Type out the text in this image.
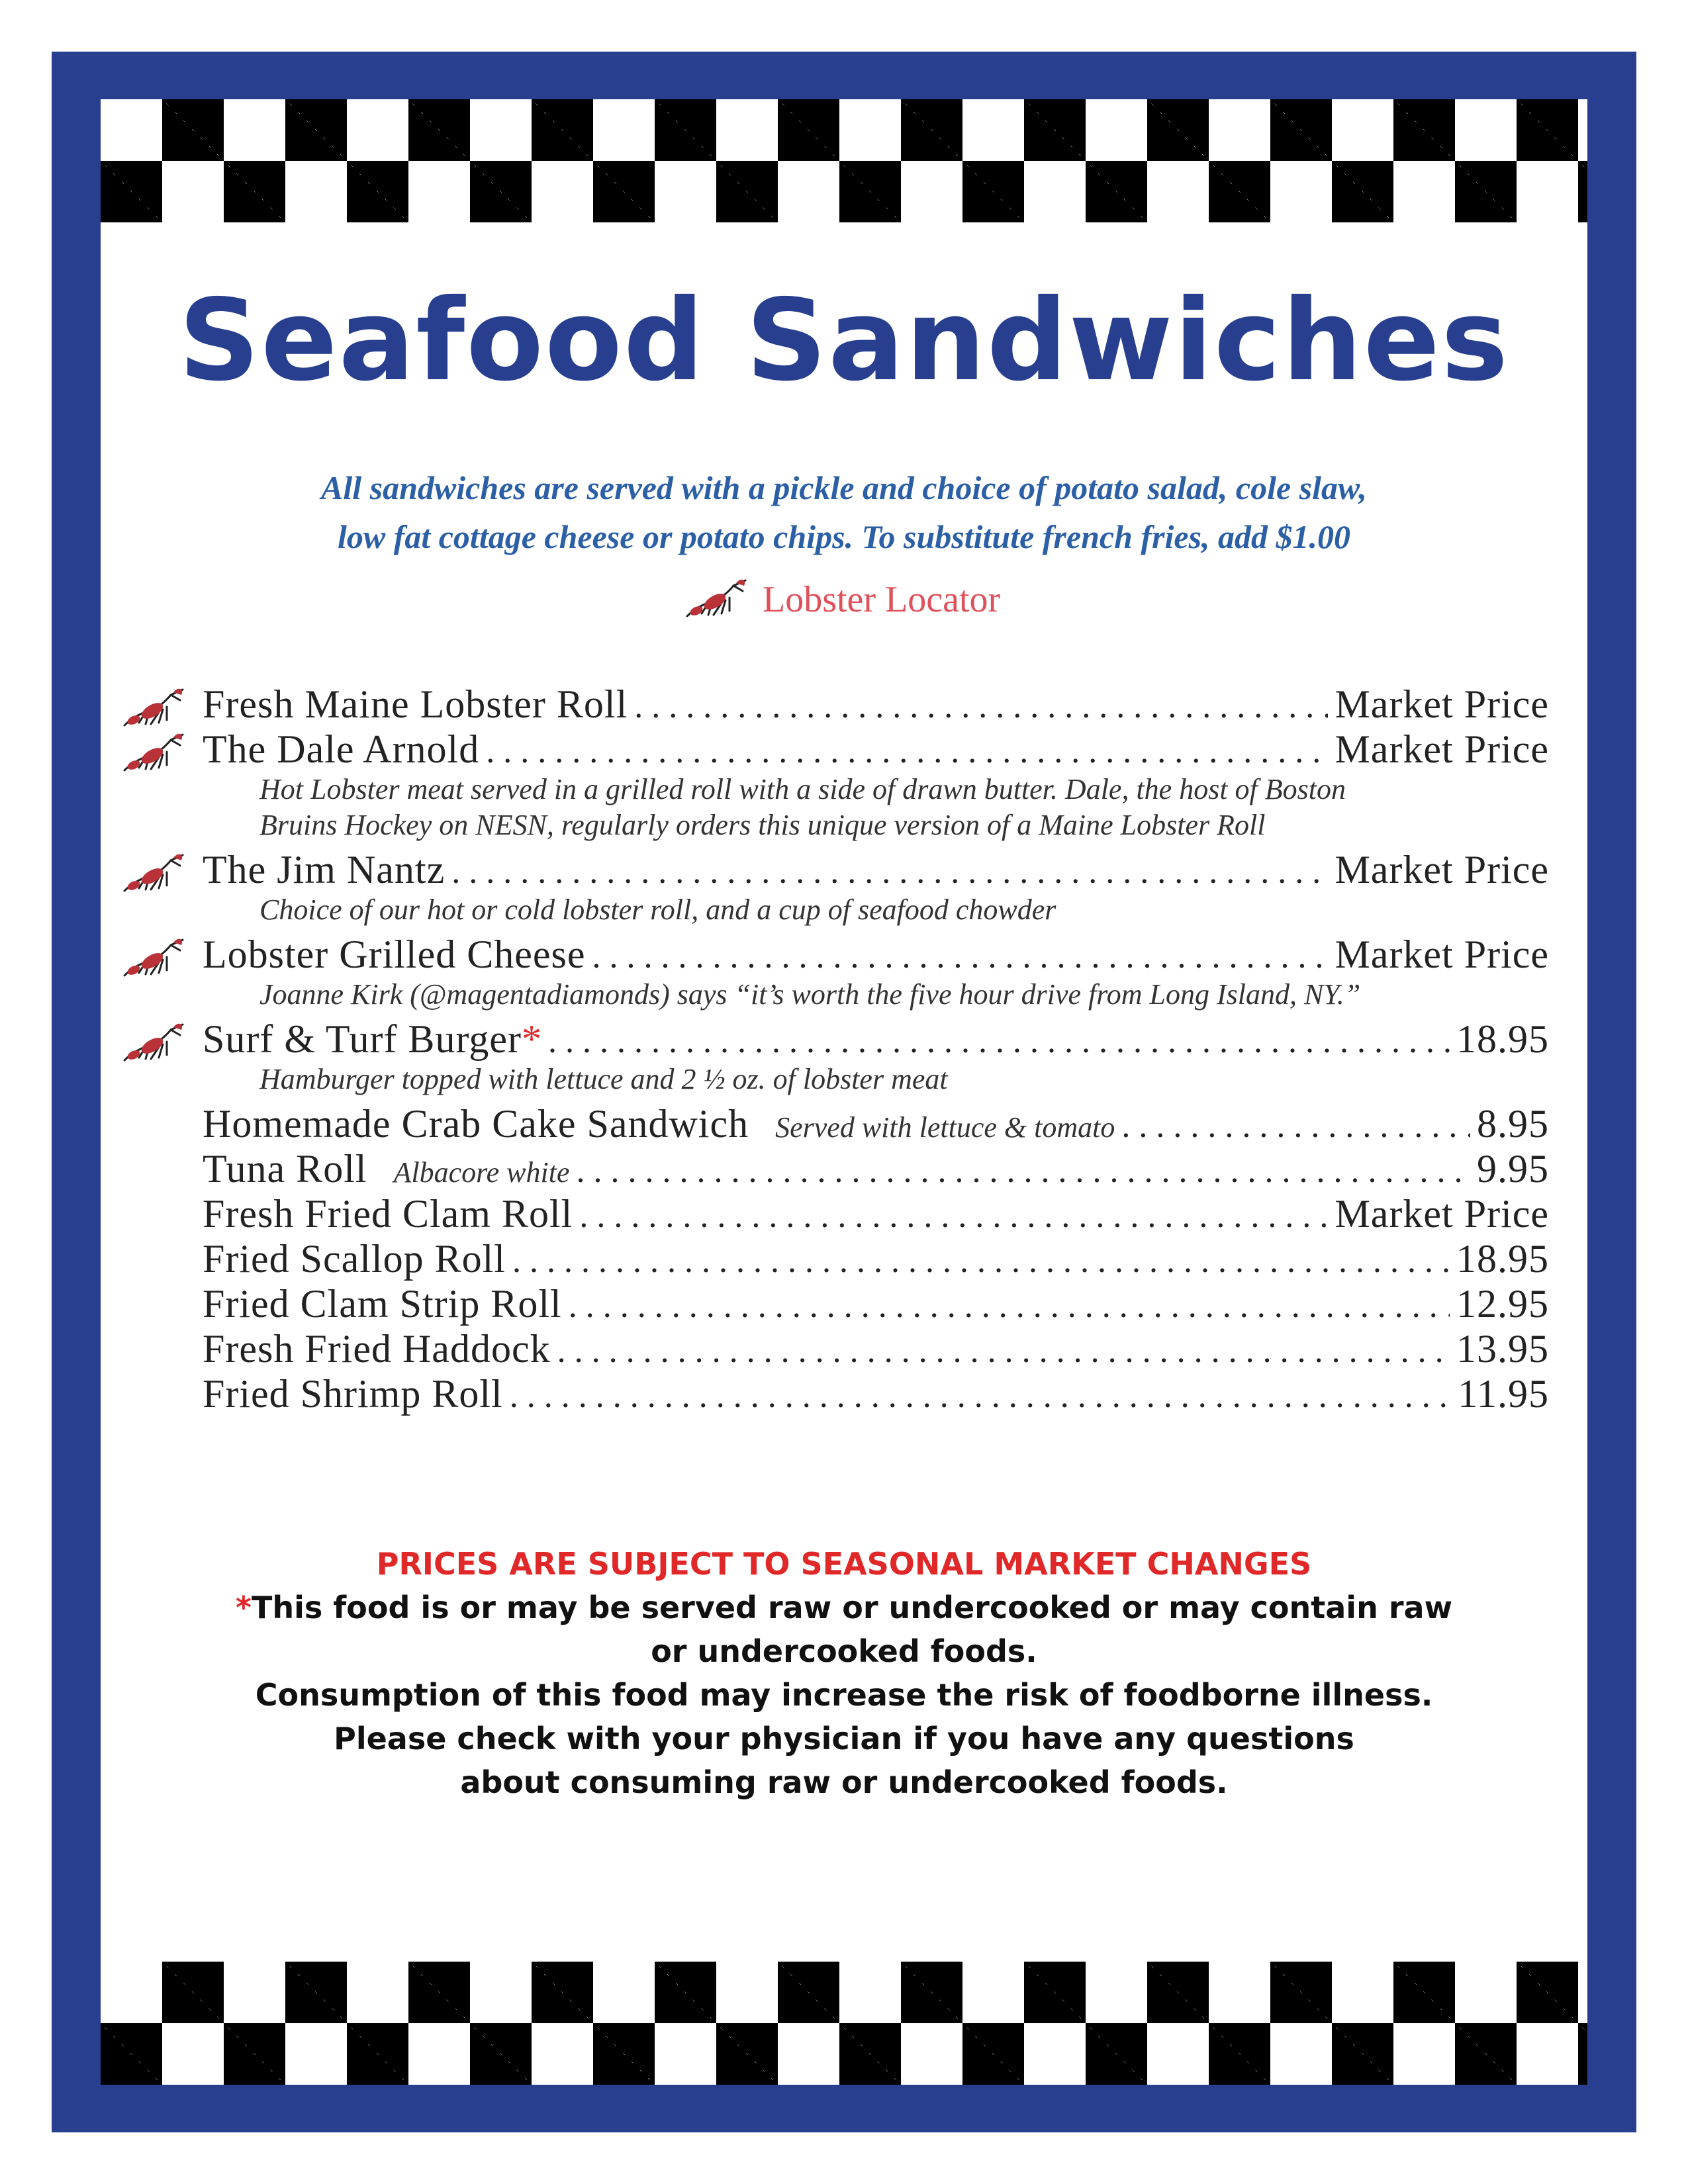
Seafood Sandwiches
All sandwiches are served with a pickle and choice of potato salad, cole slaw,
low fat cottage cheese or potato chips. To substitute french fries, add $1.00
Lobster Locator
Fresh Maine Lobster Roll . . .	Market Price
The Dale Arnold . . .	Market Price
Hot Lobster meat served in a grilled roll with a side of drawn butter. Dale, the host of Boston Bruins Hockey on NESN, regularly orders this unique version of a Maine Lobster Roll
The Jim Nantz . . .	Market Price
Choice of our hot or cold lobster roll, and a cup of seafood chowder
Lobster Grilled Cheese . . .	Market Price
Joanne Kirk (@magentadiamonds) says “it’s worth the five hour drive from Long Island, NY.”
Surf & Turf Burger * . . .	18.95
Hamburger topped with lettuce and 2 ½ oz. of lobster meat
Homemade Crab Cake Sandwich Served with lettuce & tomato . . .	8.95
Tuna Roll Albacore white . . .	9.95
Fresh Fried Clam Roll . . .	Market Price
Fried Scallop Roll . . .	18.95
Fried Clam Strip Roll . . .	12.95
Fresh Fried Haddock . . .	13.95
Fried Shrimp Roll . . .	11.95
PRICES ARE SUBJECT TO SEASONAL MARKET CHANGES
*This food is or may be served raw or undercooked or may contain raw
or undercooked foods.
Consumption of this food may increase the risk of foodborne illness.
Please check with your physician if you have any questions
about consuming raw or undercooked foods.
